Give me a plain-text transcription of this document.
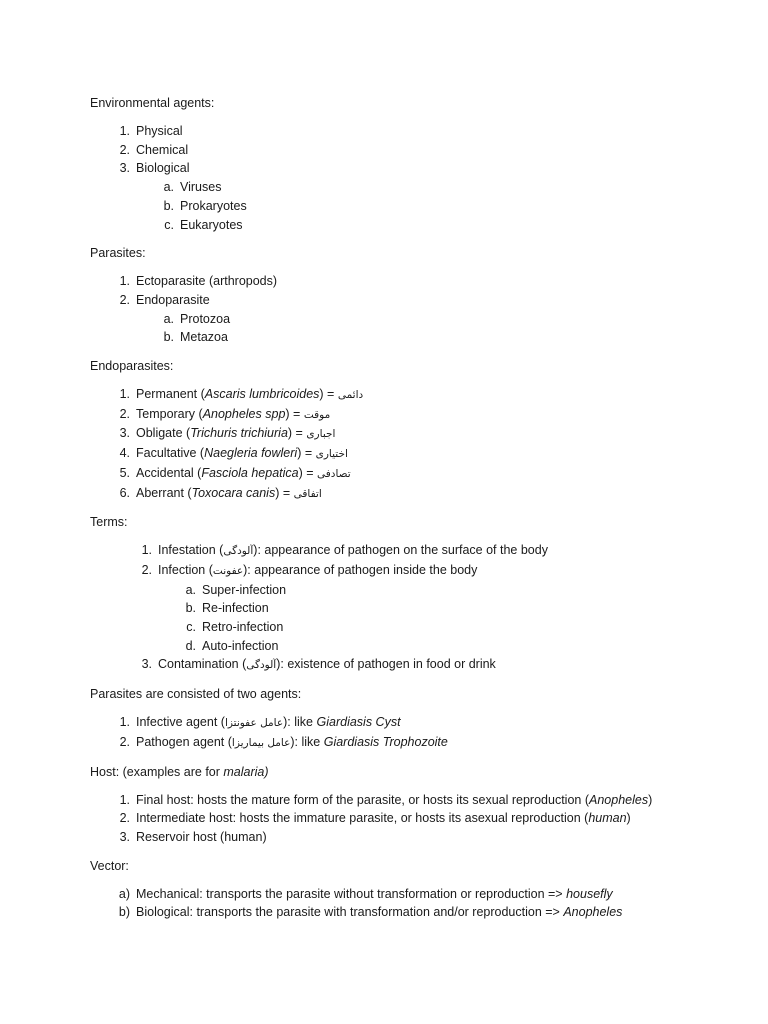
Environmental agents:

1. Physical
2. Chemical
3. Biological
a. Viruses
b. Prokaryotes
c. Eukaryotes

Parasites:

1. Ectoparasite (arthropods)
2. Endoparasite
a. Protozoa
b. Metazoa

Endoparasites:

1. Permanent (Ascaris lumbricoides) = دائمی
2. Temporary (Anopheles spp) = موقت
3. Obligate (Trichuris trichiuria) = اجباری
4. Facultative (Naegleria fowleri) = اختیاری
5. Accidental (Fasciola hepatica) = تصادفی
6. Aberrant (Toxocara canis) = اتفاقی

Terms:

1. Infestation (آلودگی): appearance of pathogen on the surface of the body
2. Infection (عفونت): appearance of pathogen inside the body
a. Super-infection
b. Re-infection
c. Retro-infection
d. Auto-infection
3. Contamination (آلودگی): existence of pathogen in food or drink

Parasites are consisted of two agents:

1. Infective agent (عامل عفونتزا): like Giardiasis Cyst
2. Pathogen agent (عامل بیماریزا): like Giardiasis Trophozoite

Host: (examples are for malaria)

1. Final host: hosts the mature form of the parasite, or hosts its sexual reproduction (Anopheles)
2. Intermediate host: hosts the immature parasite, or hosts its asexual reproduction (human)
3. Reservoir host (human)

Vector:

a) Mechanical: transports the parasite without transformation or reproduction => housefly
b) Biological: transports the parasite with transformation and/or reproduction => Anopheles
